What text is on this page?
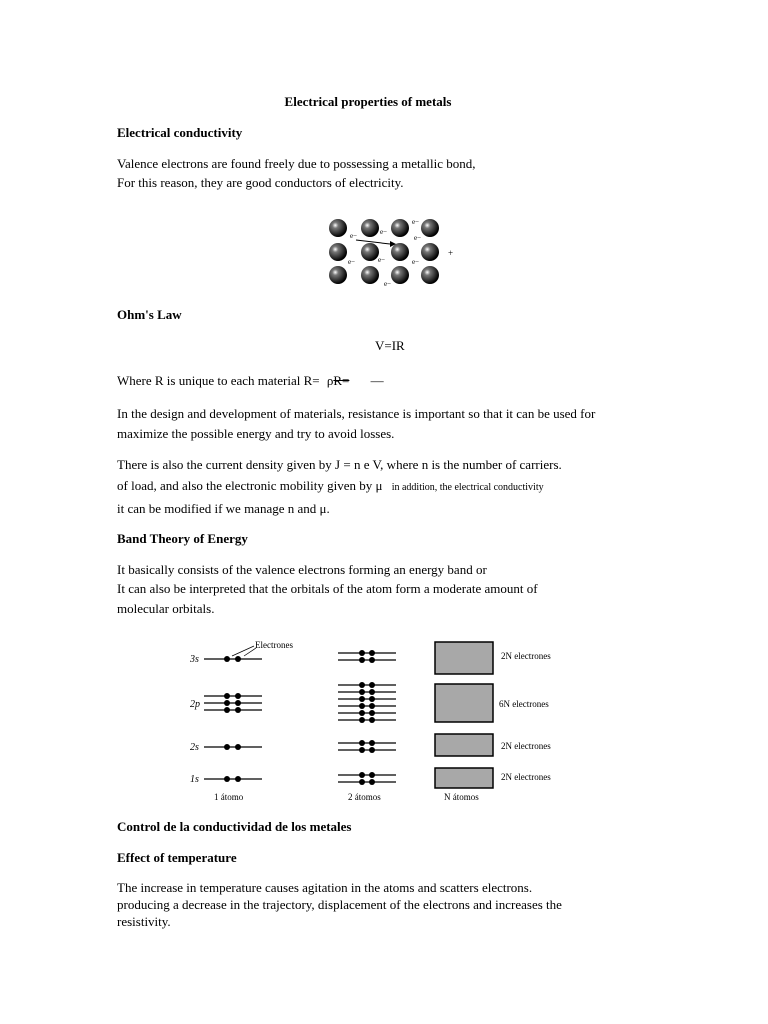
Electrical properties of metals
Electrical conductivity
Valence electrons are found freely due to possessing a metallic bond,
For this reason, they are good conductors of electricity.
e−	e−
e−
e−
e−	e−	e−
e−
+
Ohm's Law
V=IR
Where R is unique to each material R= ρR= —
In the design and development of materials, resistance is important so that it can be used for
maximize the possible energy and try to avoid losses.
There is also the current density given by J = n e V, where n is the number of carriers.
of load, and also the electronic mobility given by μ in addition, the electrical conductivity
it can be modified if we manage n and μ.
Band Theory of Energy
It basically consists of the valence electrons forming an energy band or
It can also be interpreted that the orbitals of the atom form a moderate amount of
molecular orbitals.
3s
2p
2s
1s
Electrones
2N electrones
6N electrones
2N electrones
2N electrones
1 átomo	2 átomos	N átomos
Control de la conductividad de los metales
Effect of temperature
The increase in temperature causes agitation in the atoms and scatters electrons.
producing a decrease in the trajectory, displacement of the electrons and increases the
resistivity.
